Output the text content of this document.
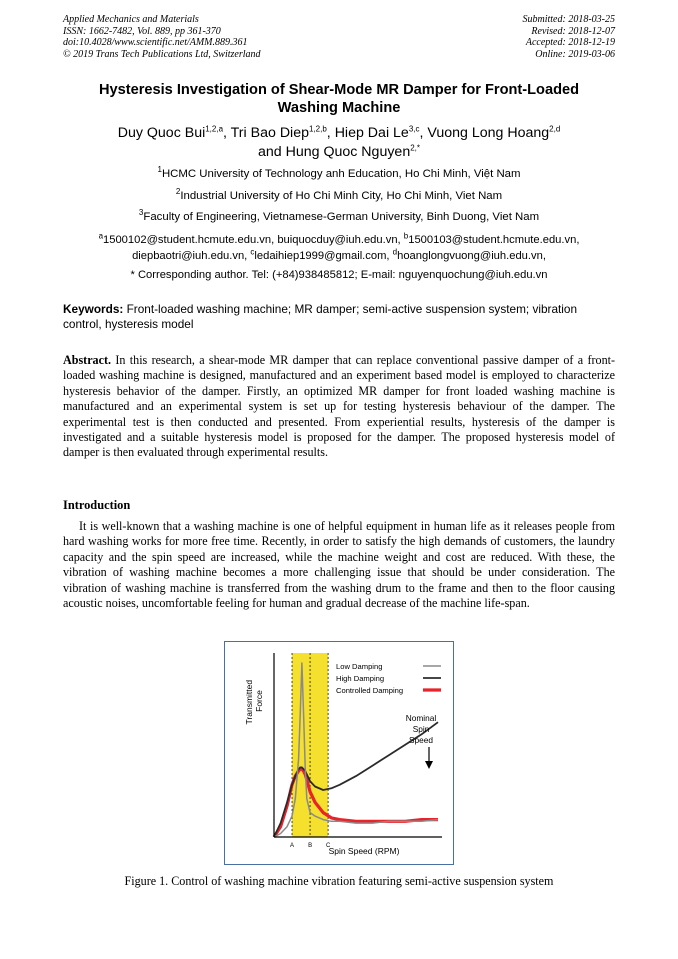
Applied Mechanics and Materials
ISSN: 1662-7482, Vol. 889, pp 361-370
doi:10.4028/www.scientific.net/AMM.889.361
© 2019 Trans Tech Publications Ltd, Switzerland
Submitted: 2018-03-25
Revised: 2018-12-07
Accepted: 2018-12-19
Online: 2019-03-06
Hysteresis Investigation of Shear-Mode MR Damper for Front-Loaded
Washing Machine
Duy Quoc Bui$^{1,2,a}$, Tri Bao Diep$^{1,2,b}$, Hiep Dai Le$^{3,c}$, Vuong Long Hoang$^{2,d}$
and Hung Quoc Nguyen$^{2,*}$
$^1$HCMC University of Technology anh Education, Ho Chi Minh, Việt Nam
$^2$Industrial University of Ho Chi Minh City, Ho Chi Minh, Viet Nam
$^3$Faculty of Engineering, Vietnamese-German University, Binh Duong, Viet Nam
$^a$1500102@student.hcmute.edu.vn, buiquocduy@iuh.edu.vn, $^b$1500103@student.hcmute.edu.vn,
diepbaotri@iuh.edu.vn, $^c$ledaihiep1999@gmail.com, $^d$hoanglongvuong@iuh.edu.vn,
* Corresponding author. Tel: (+84)938485812; E-mail: nguyenquochung@iuh.edu.vn
Keywords: Front-loaded washing machine; MR damper; semi-active suspension system; vibration control, hysteresis model
Abstract. In this research, a shear-mode MR damper that can replace conventional passive damper of a front-loaded washing machine is designed, manufactured and an experiment based model is employed to characterize hysteresis behavior of the damper. Firstly, an optimized MR damper for front loaded washing machine is manufactured and an experimental system is set up for testing hysteresis behaviour of the damper. The experimental test is then conducted and presented. From experiential results, hysteresis of the damper is investigated and a suitable hysteresis model is proposed for the damper. The proposed hysteresis model of damper is then evaluated through experimental results.
Introduction
It is well-known that a washing machine is one of helpful equipment in human life as it releases people from hard washing works for more free time. Recently, in order to satisfy the high demands of customers, the laundry capacity and the spin speed are increased, while the machine weight and cost are reduced. With these, the vibration of washing machine becomes a more challenging issue that should be under consideration. The vibration of washing machine is transferred from the washing drum to the frame and then to the floor causing acoustic noises, uncomfortable feeling for human and gradual decrease of the machine life-span.
A B C
Spin Speed (RPM)
Transmitted Force
Low Damping
High Damping
Controlled Damping
Nominal
Spin
Speed
Figure 1. Control of washing machine vibration featuring semi-active suspension system
